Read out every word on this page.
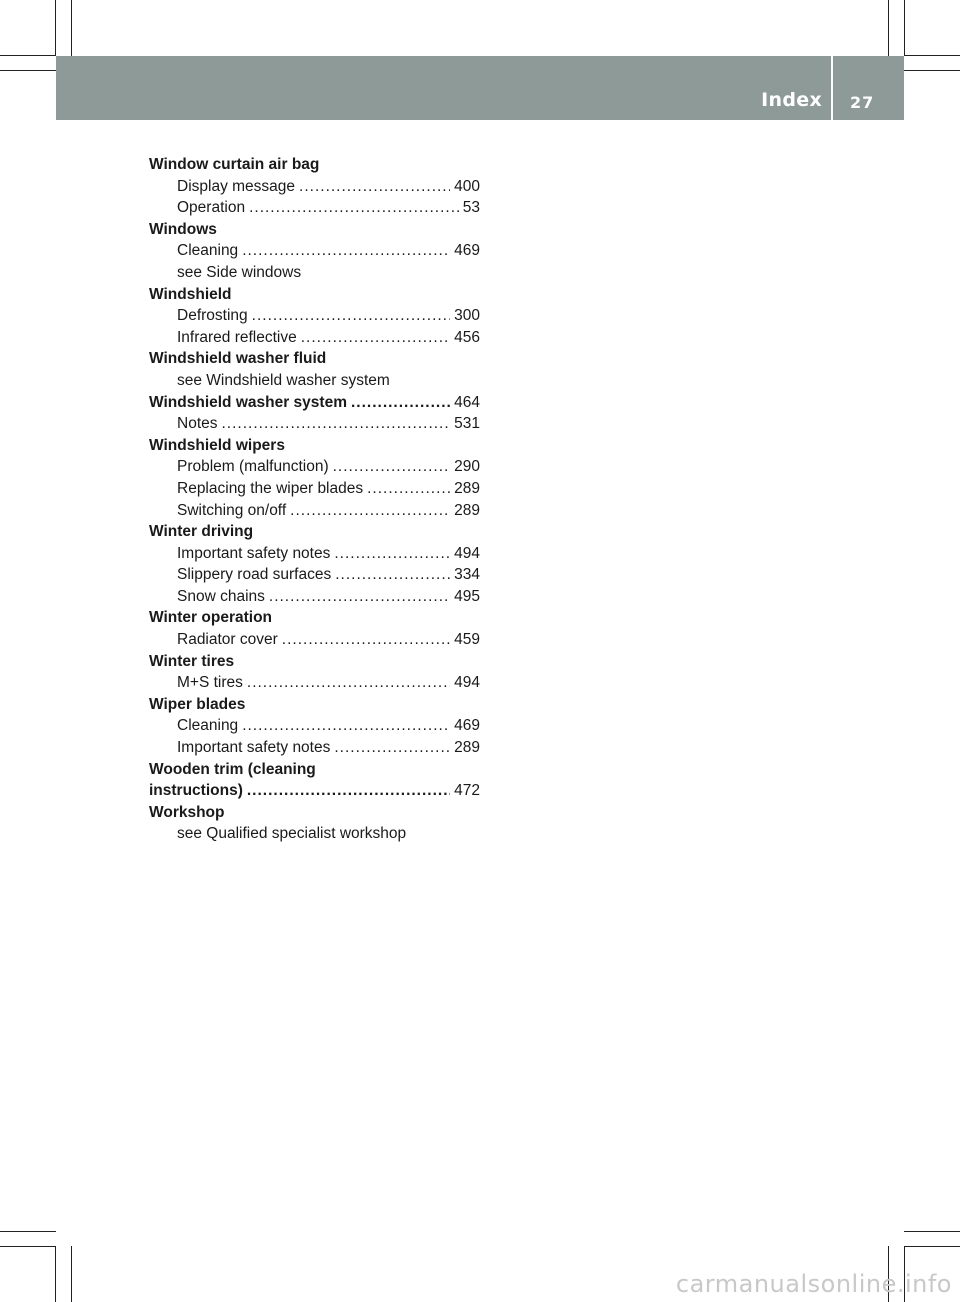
Index 27
Window curtain air bag
Display message .....	400
Operation .....	53
Windows
Cleaning .....	469
see Side windows
Windshield
Defrosting .....	300
Infrared reflective .....	456
Windshield washer fluid
see Windshield washer system
Windshield washer system .....	464
Notes .....	531
Windshield wipers
Problem (malfunction) .....	290
Replacing the wiper blades .....	289
Switching on/off .....	289
Winter driving
Important safety notes .....	494
Slippery road surfaces .....	334
Snow chains .....	495
Winter operation
Radiator cover .....	459
Winter tires
M+S tires .....	494
Wiper blades
Cleaning .....	469
Important safety notes .....	289
Wooden trim (cleaning
instructions) .....	472
Workshop
see Qualified specialist workshop
carmanualsonline.info
